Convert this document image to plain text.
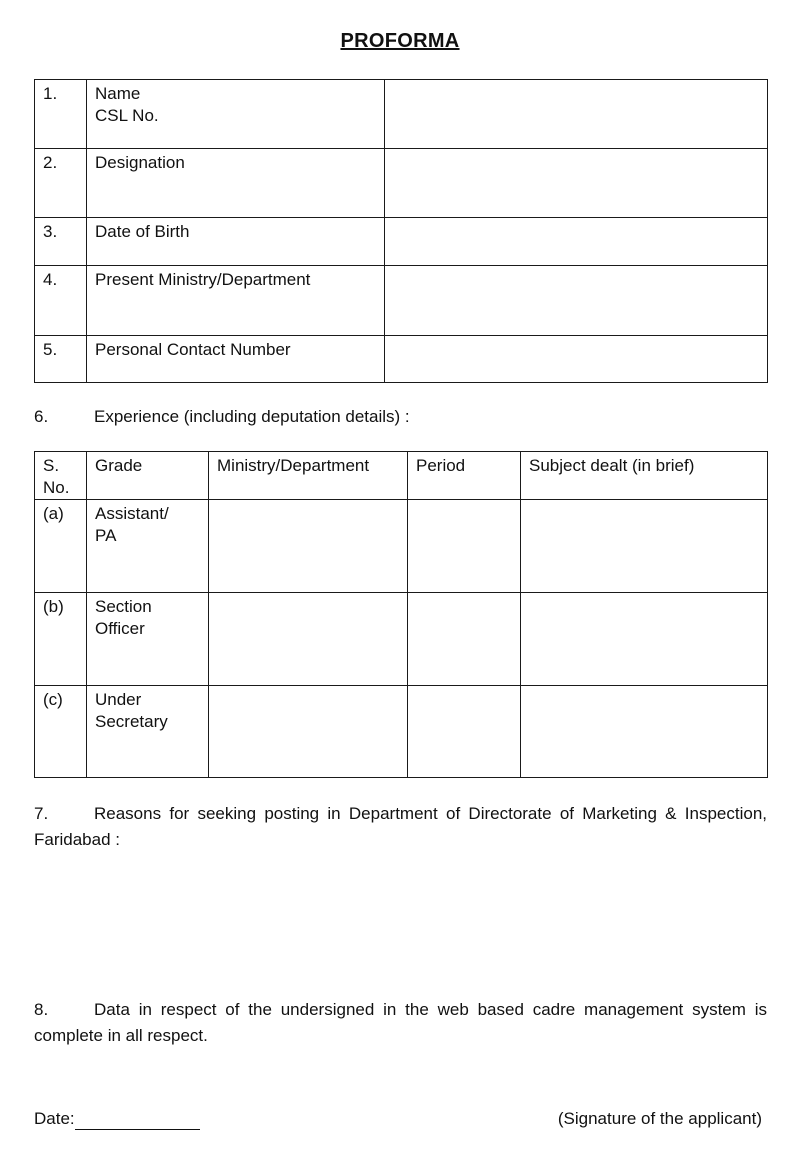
PROFORMA
1.	Name
CSL No.	

2.	Designation	
3.	Date of Birth	
4.	Present Ministry/Department	
5.	Personal Contact Number	
6.	Experience (including deputation details) :
S.
No.	Grade	Ministry/Department	Period	Subject dealt (in brief)
(a)	Assistant/
PA			

(b)	Section
Officer			

(c)	Under
Secretary			

7.	Reasons for seeking posting in Department of Directorate of Marketing & Inspection, Faridabad :
8.	Data in respect of the undersigned in the web based cadre management system is complete in all respect.
Date:	(Signature of the applicant)
